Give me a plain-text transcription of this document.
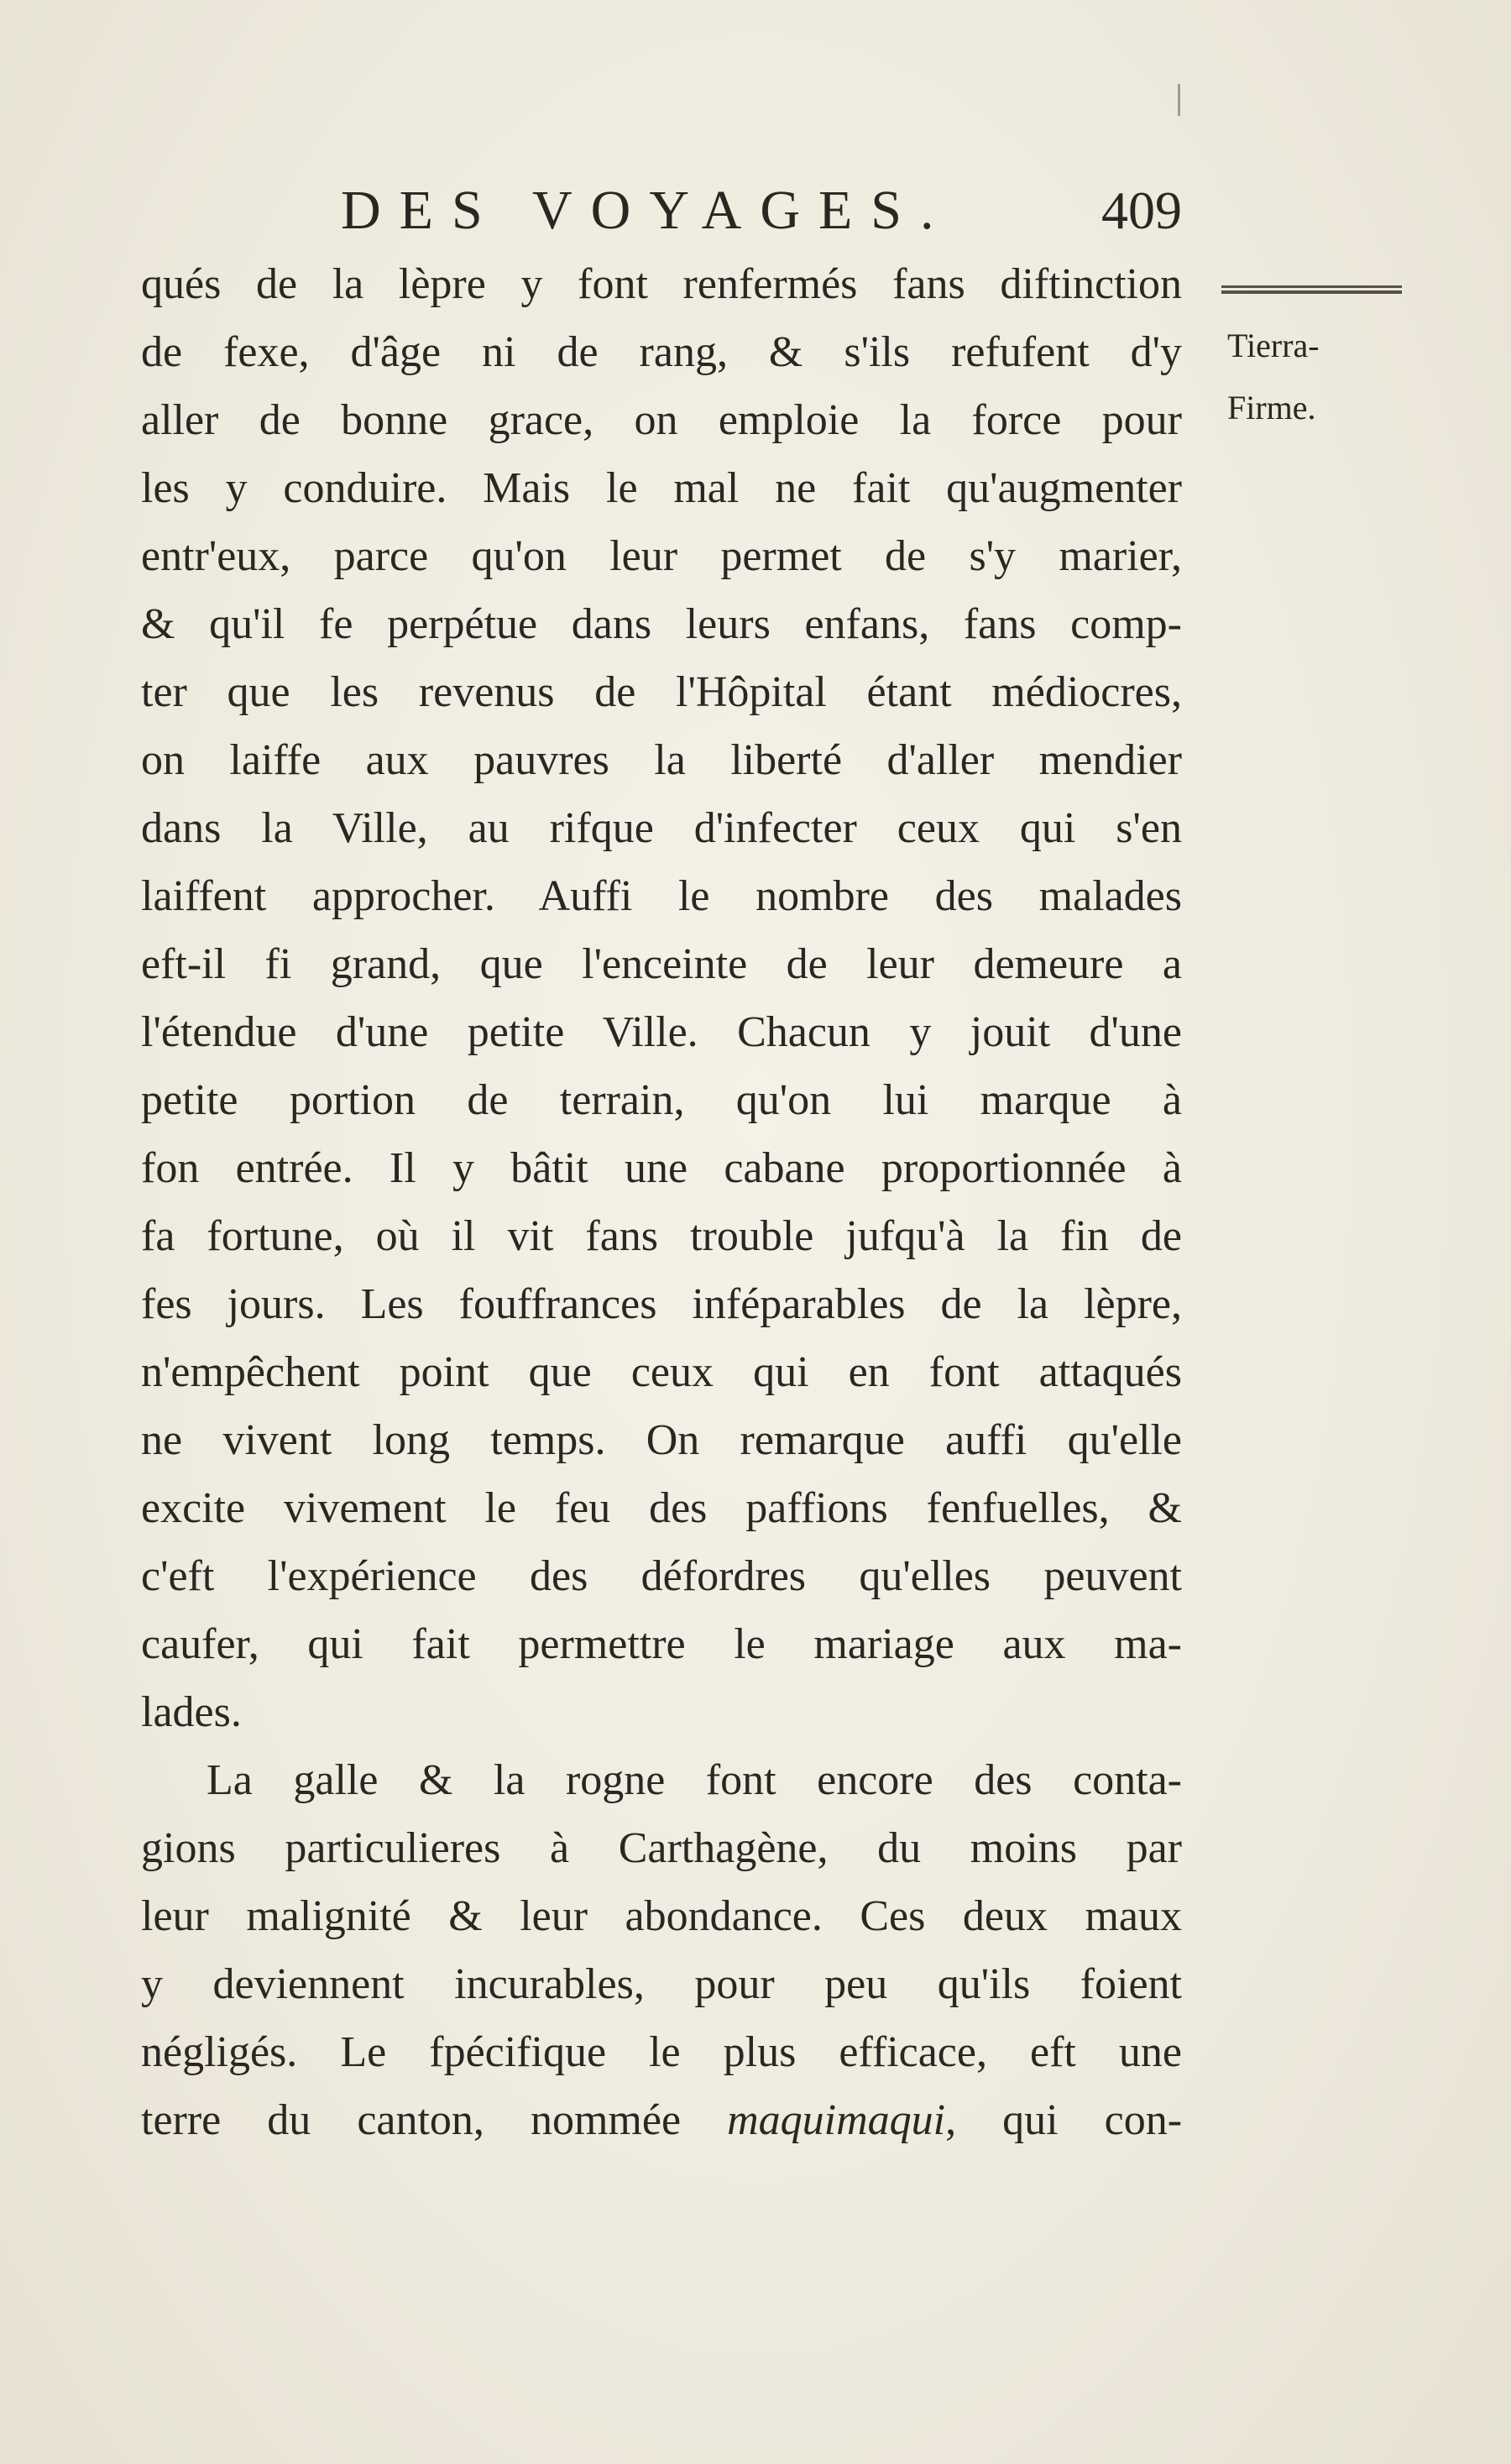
DES VOYAGES.	409
Tierra-
Firme.
qués de la lèpre y font renfermés fans diftinction
de fexe, d'âge ni de rang, & s'ils refufent d'y
aller de bonne grace, on emploie la force pour
les y conduire. Mais le mal ne fait qu'augmenter
entr'eux, parce qu'on leur permet de s'y marier,
& qu'il fe perpétue dans leurs enfans, fans comp-
ter que les revenus de l'Hôpital étant médiocres,
on laiffe aux pauvres la liberté d'aller mendier
dans la Ville, au rifque d'infecter ceux qui s'en
laiffent approcher. Auffi le nombre des malades
eft-il fi grand, que l'enceinte de leur demeure a
l'étendue d'une petite Ville. Chacun y jouit d'une
petite portion de terrain, qu'on lui marque à
fon entrée. Il y bâtit une cabane proportionnée à
fa fortune, où il vit fans trouble jufqu'à la fin de
fes jours. Les fouffrances inféparables de la lèpre,
n'empêchent point que ceux qui en font attaqués
ne vivent long temps. On remarque auffi qu'elle
excite vivement le feu des paffions fenfuelles, &
c'eft l'expérience des défordres qu'elles peuvent
caufer, qui fait permettre le mariage aux ma-
lades.
La galle & la rogne font encore des conta-
gions particulieres à Carthagène, du moins par
leur malignité & leur abondance. Ces deux maux
y deviennent incurables, pour peu qu'ils foient
négligés. Le fpécifique le plus efficace, eft une
terre du canton, nommée maquimaqui, qui con-
